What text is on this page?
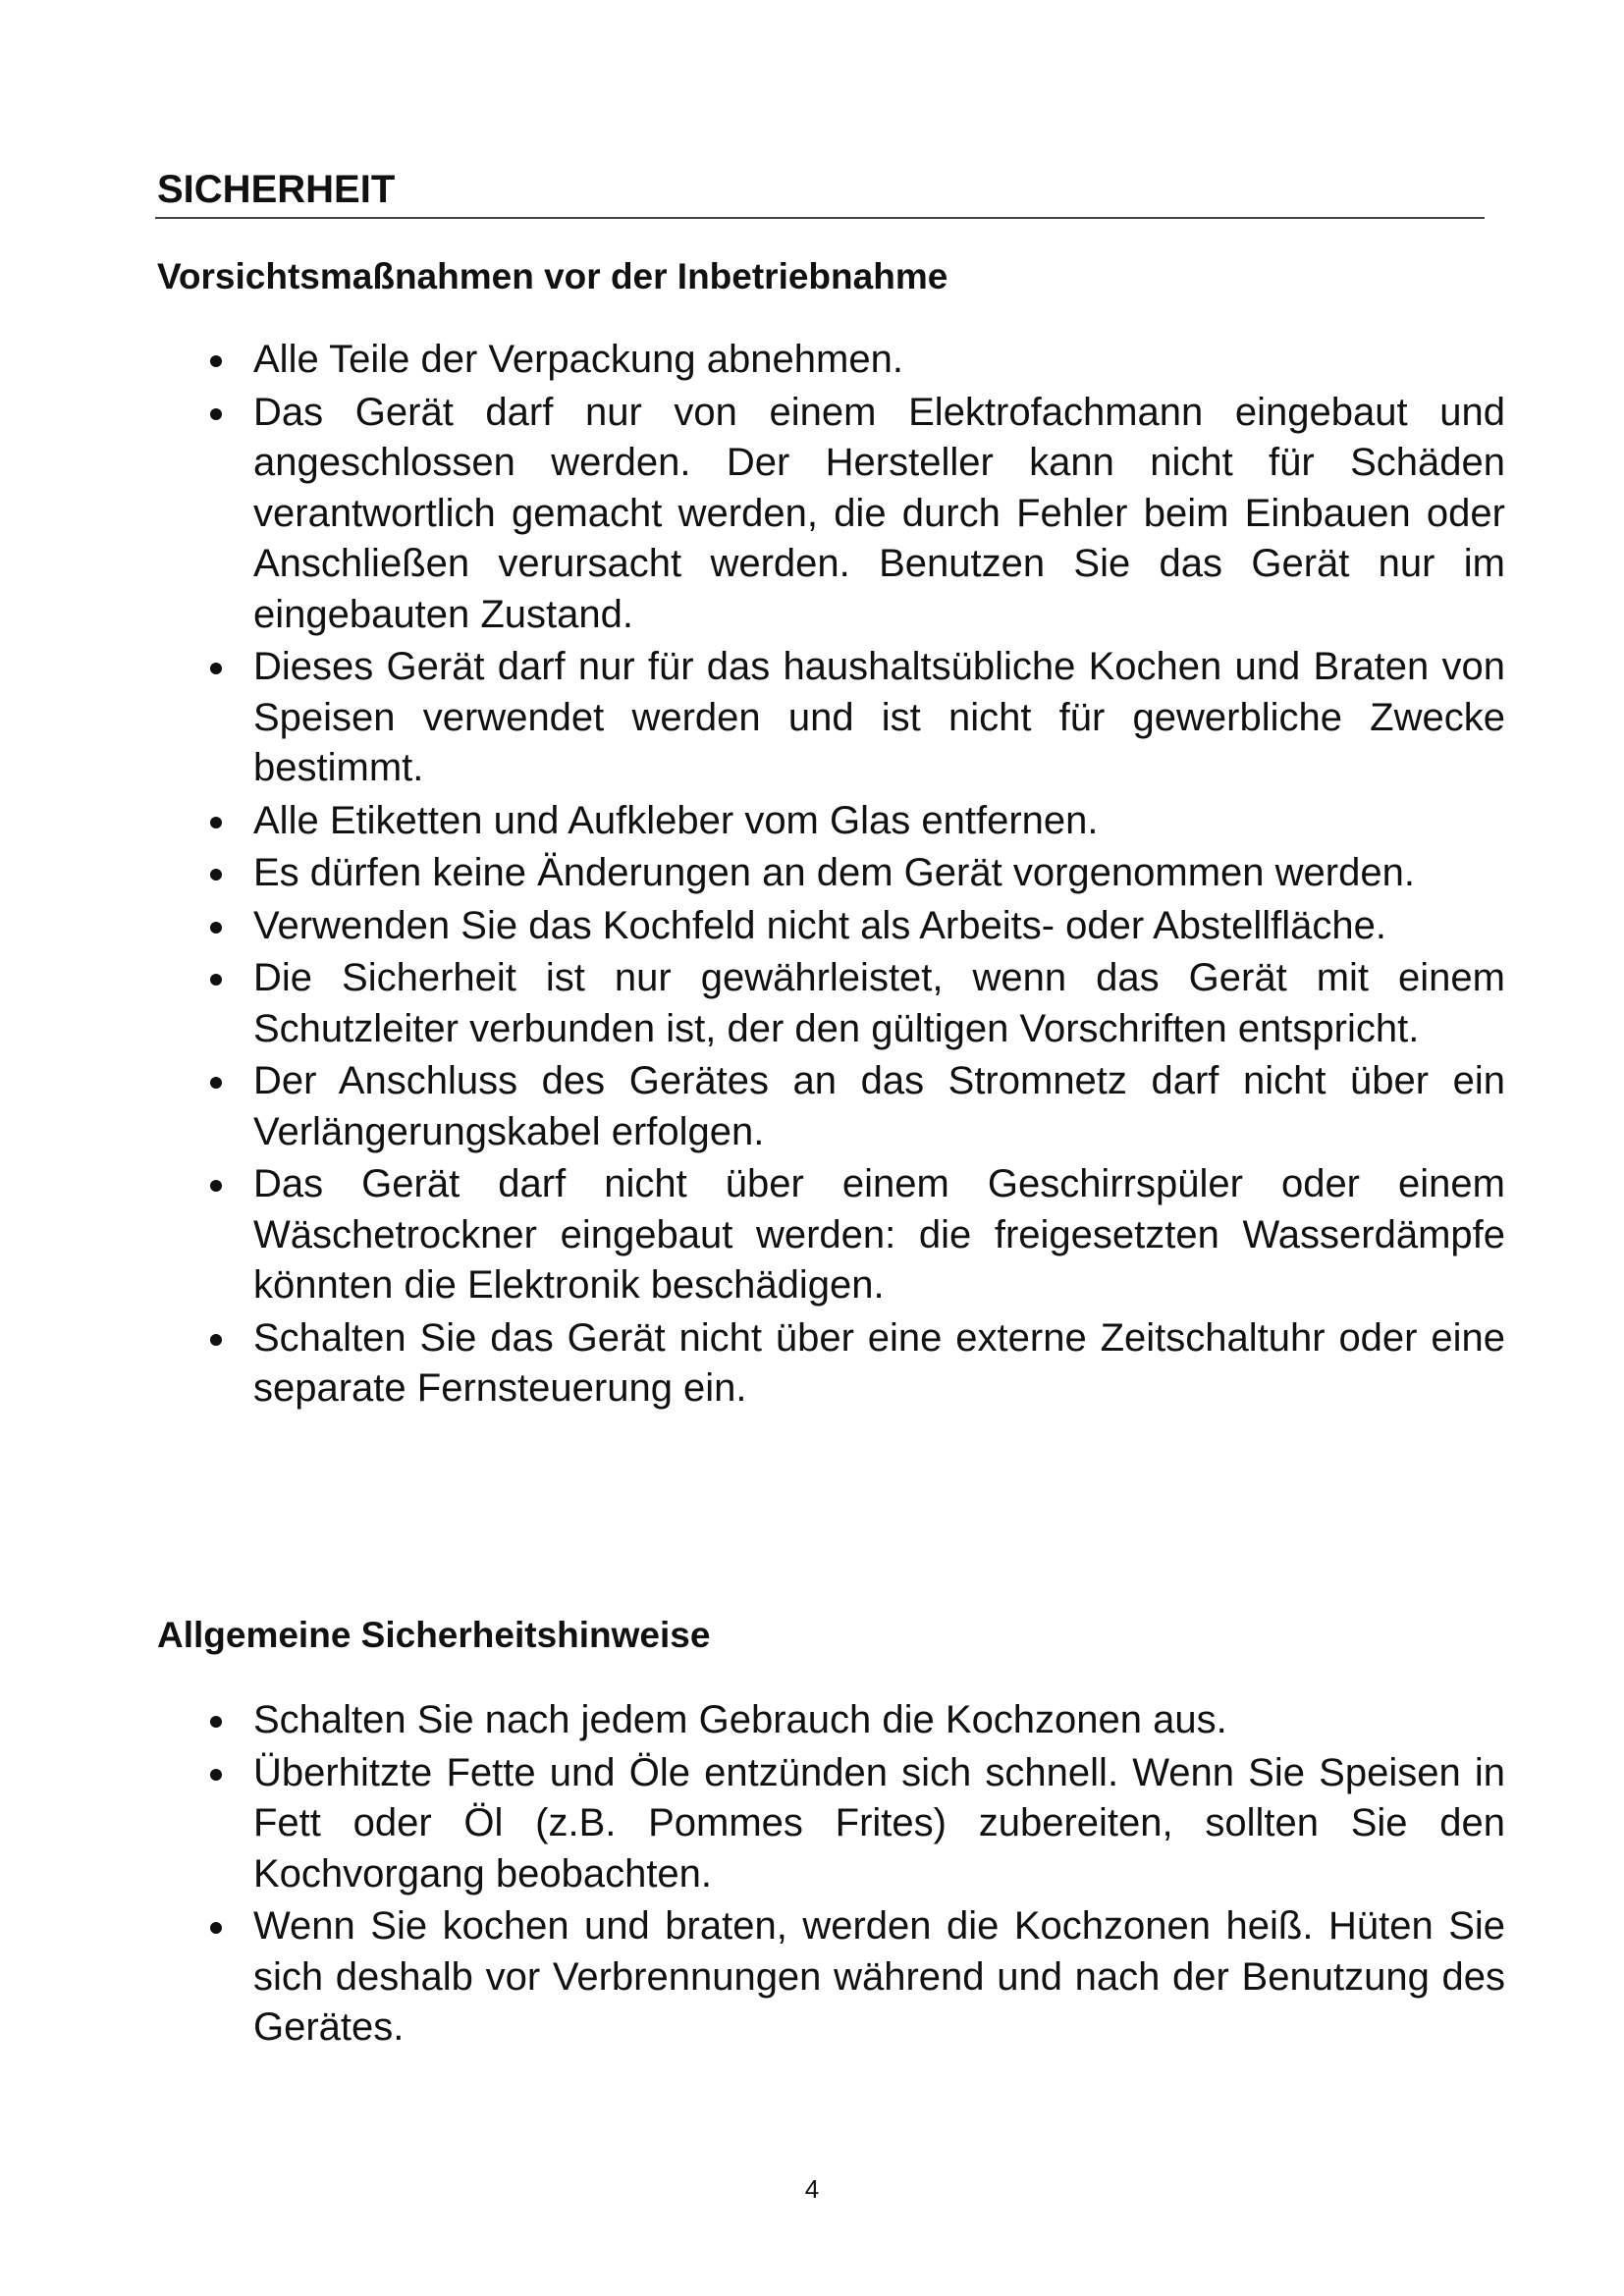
SICHERHEIT
Vorsichtsmaßnahmen vor der Inbetriebnahme
Alle Teile der Verpackung abnehmen.
Das Gerät darf nur von einem Elektrofachmann eingebaut und angeschlossen werden. Der Hersteller kann nicht für Schäden verantwortlich gemacht werden, die durch Fehler beim Einbauen oder Anschließen verursacht werden. Benutzen Sie das Gerät nur im eingebauten Zustand.
Dieses Gerät darf nur für das haushaltsübliche Kochen und Braten von Speisen verwendet werden und ist nicht für gewerbliche Zwecke bestimmt.
Alle Etiketten und Aufkleber vom Glas entfernen.
Es dürfen keine Änderungen an dem Gerät vorgenommen werden.
Verwenden Sie das Kochfeld nicht als Arbeits- oder Abstellfläche.
Die Sicherheit ist nur gewährleistet, wenn das Gerät mit einem Schutzleiter verbunden ist, der den gültigen Vorschriften entspricht.
Der Anschluss des Gerätes an das Stromnetz darf nicht über ein Verlängerungskabel erfolgen.
Das Gerät darf nicht über einem Geschirrspüler oder einem Wäschetrockner eingebaut werden: die freigesetzten Wasserdämpfe könnten die Elektronik beschädigen.
Schalten Sie das Gerät nicht über eine externe Zeitschaltuhr oder eine separate Fernsteuerung ein.
Allgemeine Sicherheitshinweise
Schalten Sie nach jedem Gebrauch die Kochzonen aus.
Überhitzte Fette und Öle entzünden sich schnell. Wenn Sie Speisen in Fett oder Öl (z.B. Pommes Frites) zubereiten, sollten Sie den Kochvorgang beobachten.
Wenn Sie kochen und braten, werden die Kochzonen heiß. Hüten Sie sich deshalb vor Verbrennungen während und nach der Benutzung des Gerätes.
4
